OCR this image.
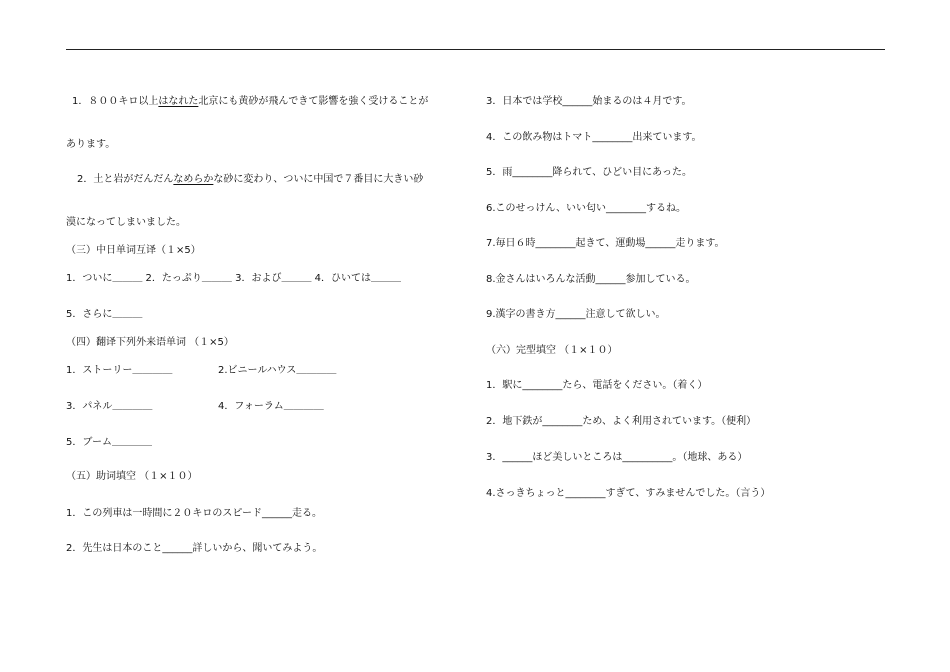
1．８００キロ以上はなれた北京にも黄砂が飛んできて影響を強く受けることが
あります。
2．土と岩がだんだんなめらかな砂に変わり、ついに中国で７番目に大きい砂
漠になってしまいました。
（三）中日单词互译（１×5）
1．ついに＿＿＿ 2．たっぷり＿＿＿ 3．および＿＿＿ 4．ひいては＿＿＿
5．さらに＿＿＿
（四）翻译下列外来语单词 （１×5）
1．ストーリー＿＿＿＿	2.ビニールハウス＿＿＿＿
3．パネル＿＿＿＿	4．フォーラム＿＿＿＿
5．ブーム＿＿＿＿
（五）助词填空 （１×１０）
1．この列車は一時間に２０キロのスピード______走る。
2．先生は日本のこと______詳しいから、聞いてみよう。
3．日本では学校______始まるのは４月です。
4．この飲み物はトマト________出来ています。
5．雨________降られて、ひどい目にあった。
6.このせっけん、いい匂い________するね。
7.毎日６時________起きて、運動場______走ります。
8.金さんはいろんな活動______参加している。
9.漢字の書き方______注意して欲しい。
（六）完型填空 （１×１０）
1．駅に________たら、電話をください。（着く）
2．地下鉄が________ため、よく利用されています。（便利）
3．______ほど美しいところは__________。（地球、ある）
4.さっきちょっと________すぎて、すみませんでした。（言う）
